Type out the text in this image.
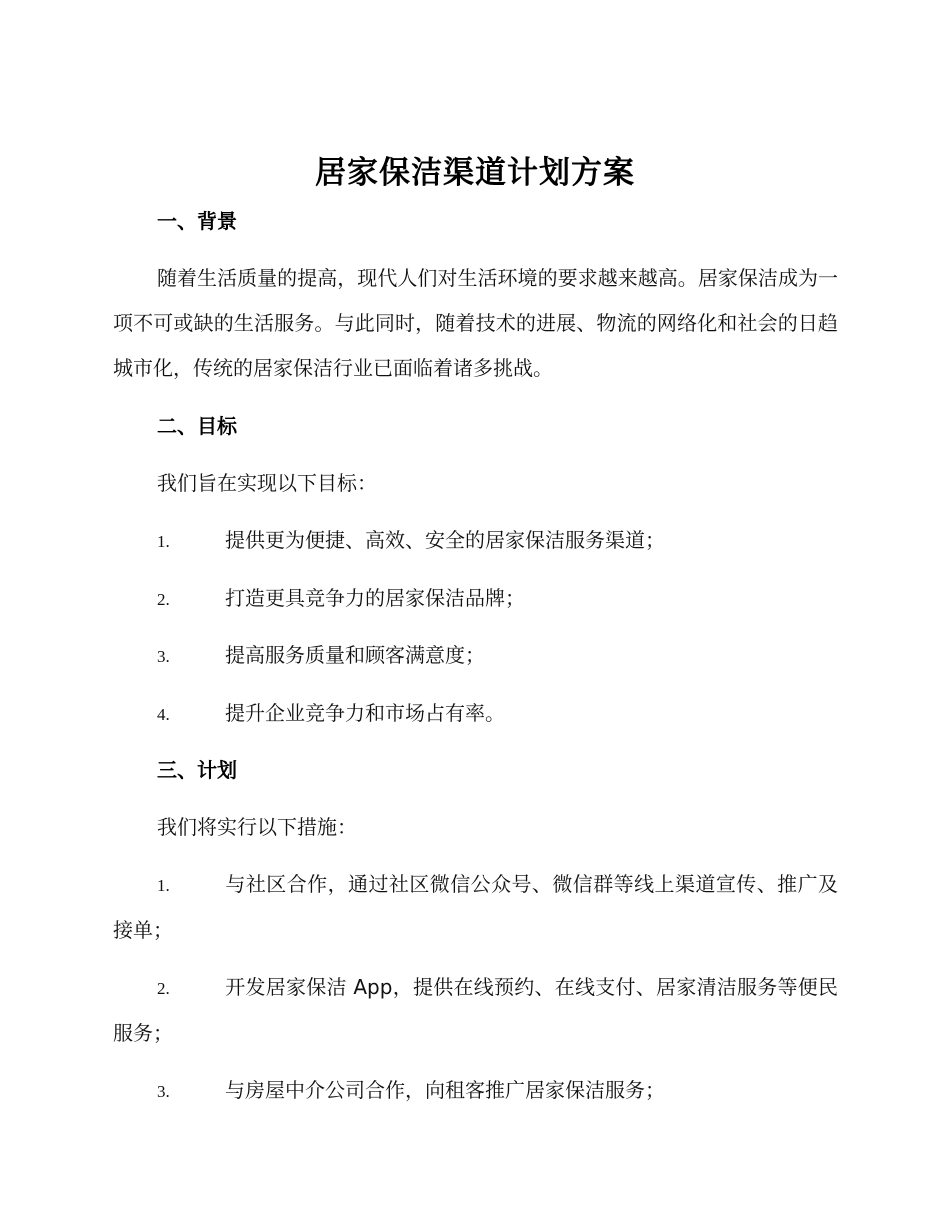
居家保洁渠道计划方案
一、背景
随着生活质量的提高，现代人们对生活环境的要求越来越高。居家保洁成为一项不可或缺的生活服务。与此同时，随着技术的进展、物流的网络化和社会的日趋城市化，传统的居家保洁行业已面临着诸多挑战。
二、目标
我们旨在实现以下目标：
1.	提供更为便捷、高效、安全的居家保洁服务渠道；
2.	打造更具竞争力的居家保洁品牌；
3.	提高服务质量和顾客满意度；
4.	提升企业竞争力和市场占有率。
三、计划
我们将实行以下措施：
1.	与社区合作，通过社区微信公众号、微信群等线上渠道宣传、推广及接单；
2.	开发居家保洁 App，提供在线预约、在线支付、居家清洁服务等便民服务；
3.	与房屋中介公司合作，向租客推广居家保洁服务；
